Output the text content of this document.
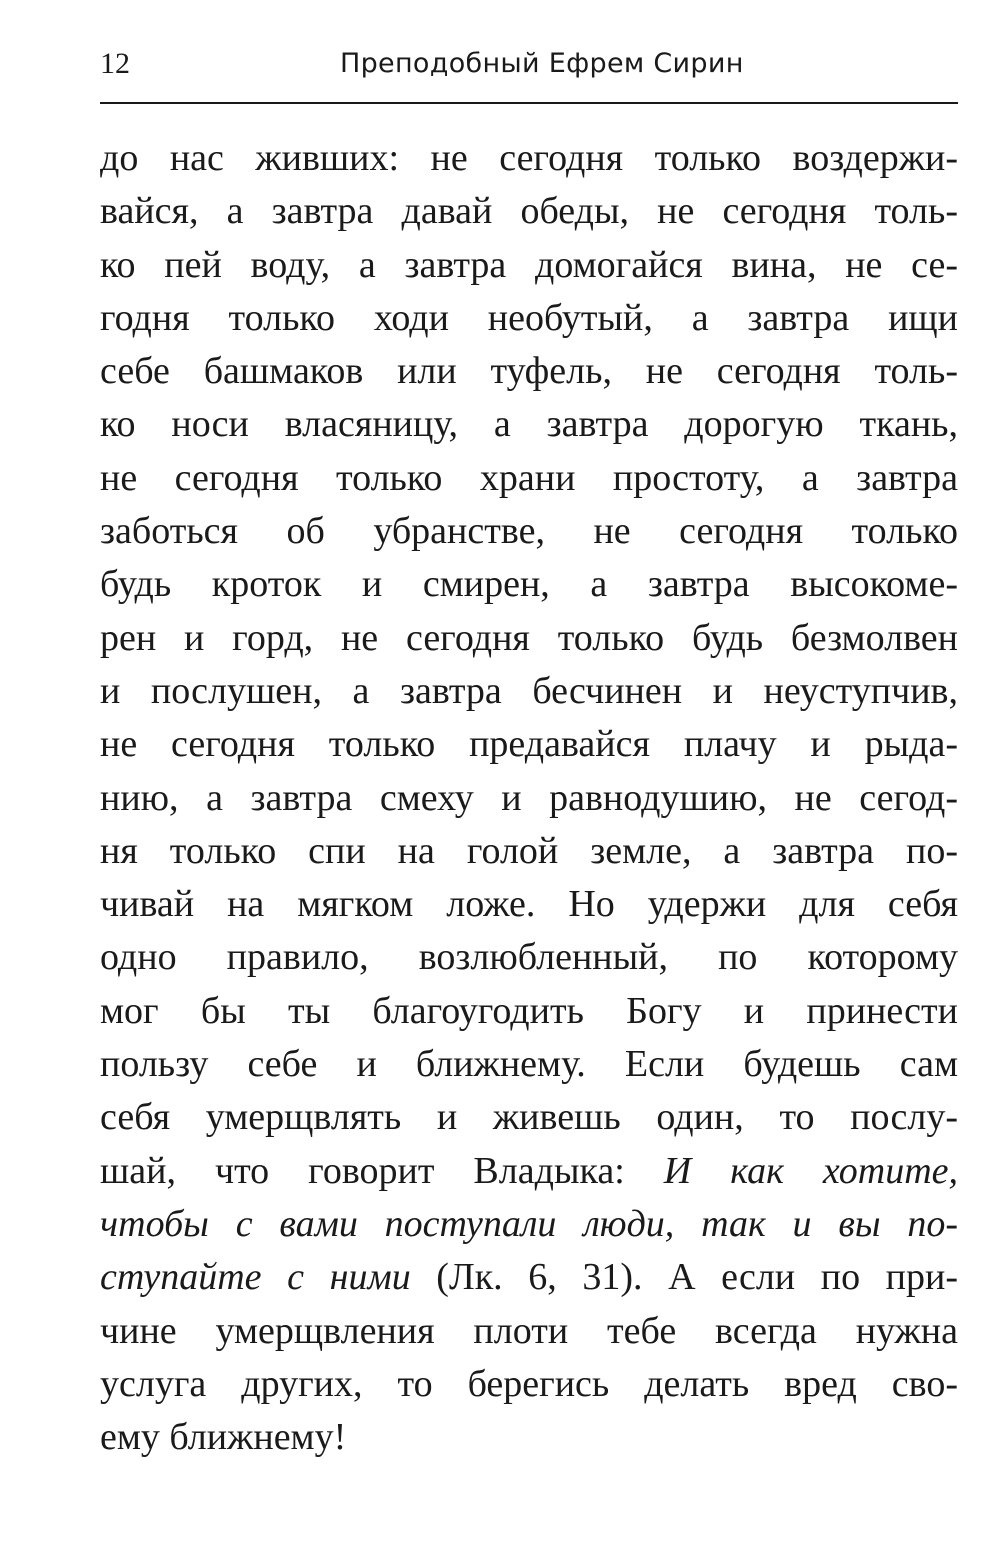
12	Преподобный Ефрем Сирин
до нас живших: не сегодня только воздержи-
вайся, а завтра давай обеды, не сегодня толь-
ко пей воду, а завтра домогайся вина, не се-
годня только ходи необутый, а завтра ищи
себе башмаков или туфель, не сегодня толь-
ко носи власяницу, а завтра дорогую ткань,
не сегодня только храни простоту, а завтра
заботься об убранстве, не сегодня только
будь кроток и смирен, а завтра высокоме-
рен и горд, не сегодня только будь безмолвен
и послушен, а завтра бесчинен и неуступчив,
не сегодня только предавайся плачу и рыда-
нию, а завтра смеху и равнодушию, не сегод-
ня только спи на голой земле, а завтра по-
чивай на мягком ложе. Но удержи для себя
одно правило, возлюбленный, по которому
мог бы ты благоугодить Богу и принести
пользу себе и ближнему. Если будешь сам
себя умерщвлять и живешь один, то послу-
шай, что говорит Владыка: И как хотите,
чтобы с вами поступали люди, так и вы по-
ступайте с ними (Лк. 6, 31). А если по при-
чине умерщвления плоти тебе всегда нужна
услуга других, то берегись делать вред сво-
ему ближнему!
